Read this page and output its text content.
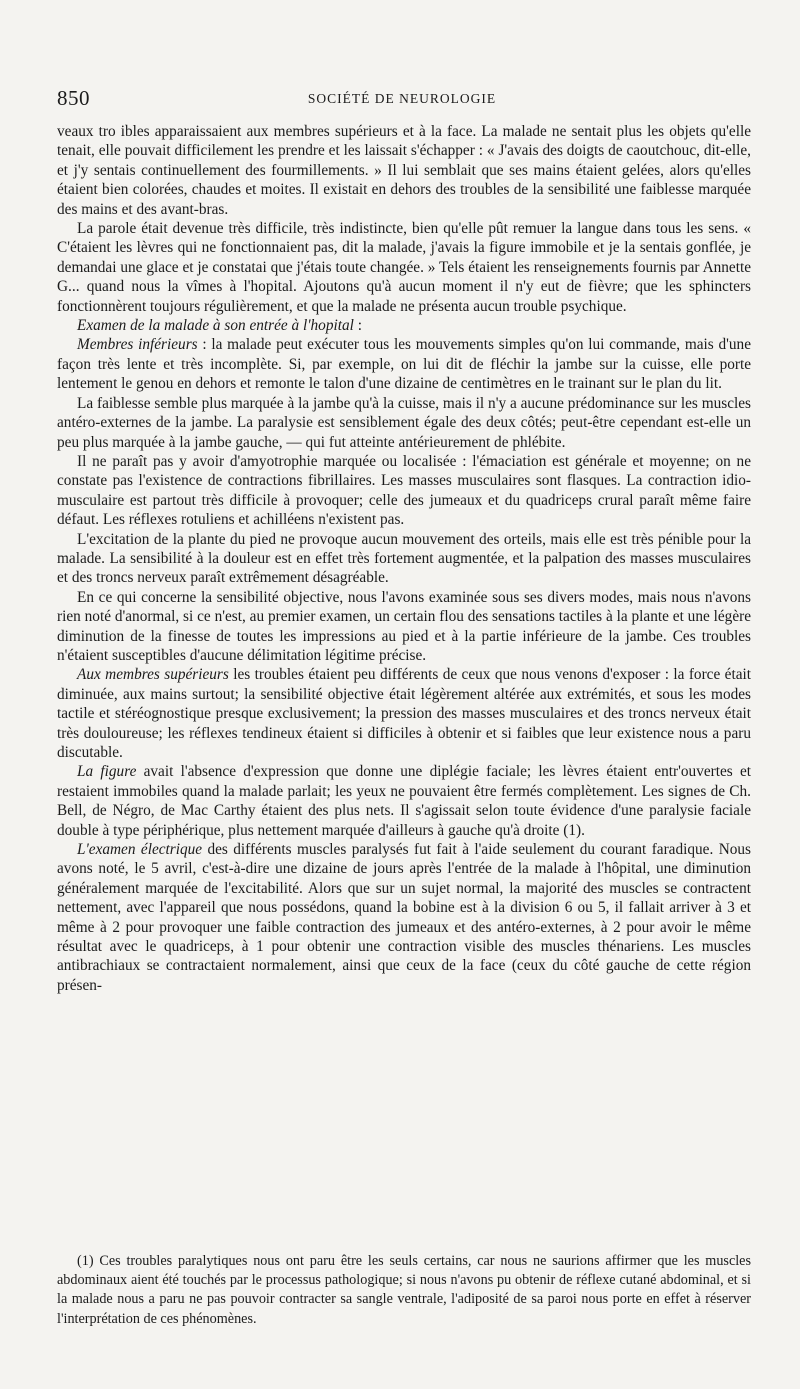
850	SOCIÉTÉ DE NEUROLOGIE

veaux tro ibles apparaissaient aux membres supérieurs et à la face. La malade ne sentait plus les objets qu'elle tenait, elle pouvait difficilement les prendre et les laissait s'échapper : « J'avais des doigts de caoutchouc, dit-elle, et j'y sentais continuellement des fourmillements. » Il lui semblait que ses mains étaient gelées, alors qu'elles étaient bien colorées, chaudes et moites. Il existait en dehors des troubles de la sensibilité une faiblesse marquée des mains et des avant-bras.

La parole était devenue très difficile, très indistincte, bien qu'elle pût remuer la langue dans tous les sens. « C'étaient les lèvres qui ne fonctionnaient pas, dit la malade, j'avais la figure immobile et je la sentais gonflée, je demandai une glace et je constatai que j'étais toute changée. » Tels étaient les renseignements fournis par Annette G... quand nous la vîmes à l'hopital. Ajoutons qu'à aucun moment il n'y eut de fièvre; que les sphincters fonctionnèrent toujours régulièrement, et que la malade ne présenta aucun trouble psychique.

Examen de la malade à son entrée à l'hopital :

Membres inférieurs : la malade peut exécuter tous les mouvements simples qu'on lui commande, mais d'une façon très lente et très incomplète. Si, par exemple, on lui dit de fléchir la jambe sur la cuisse, elle porte lentement le genou en dehors et remonte le talon d'une dizaine de centimètres en le trainant sur le plan du lit.

La faiblesse semble plus marquée à la jambe qu'à la cuisse, mais il n'y a aucune prédominance sur les muscles antéro-externes de la jambe. La paralysie est sensiblement égale des deux côtés; peut-être cependant est-elle un peu plus marquée à la jambe gauche, — qui fut atteinte antérieurement de phlébite.

Il ne paraît pas y avoir d'amyotrophie marquée ou localisée : l'émaciation est générale et moyenne; on ne constate pas l'existence de contractions fibrillaires. Les masses musculaires sont flasques. La contraction idio-musculaire est partout très difficile à provoquer; celle des jumeaux et du quadriceps crural paraît même faire défaut. Les réflexes rotuliens et achilléens n'existent pas.

L'excitation de la plante du pied ne provoque aucun mouvement des orteils, mais elle est très pénible pour la malade. La sensibilité à la douleur est en effet très fortement augmentée, et la palpation des masses musculaires et des troncs nerveux paraît extrêmement désagréable.

En ce qui concerne la sensibilité objective, nous l'avons examinée sous ses divers modes, mais nous n'avons rien noté d'anormal, si ce n'est, au premier examen, un certain flou des sensations tactiles à la plante et une légère diminution de la finesse de toutes les impressions au pied et à la partie inférieure de la jambe. Ces troubles n'étaient susceptibles d'aucune délimitation légitime précise.

Aux membres supérieurs les troubles étaient peu différents de ceux que nous venons d'exposer : la force était diminuée, aux mains surtout; la sensibilité objective était légèrement altérée aux extrémités, et sous les modes tactile et stéréognostique presque exclusivement; la pression des masses musculaires et des troncs nerveux était très douloureuse; les réflexes tendineux étaient si difficiles à obtenir et si faibles que leur existence nous a paru discutable.

La figure avait l'absence d'expression que donne une diplégie faciale; les lèvres étaient entr'ouvertes et restaient immobiles quand la malade parlait; les yeux ne pouvaient être fermés complètement. Les signes de Ch. Bell, de Négro, de Mac Carthy étaient des plus nets. Il s'agissait selon toute évidence d'une paralysie faciale double à type périphérique, plus nettement marquée d'ailleurs à gauche qu'à droite (1).

L'examen électrique des différents muscles paralysés fut fait à l'aide seulement du courant faradique. Nous avons noté, le 5 avril, c'est-à-dire une dizaine de jours après l'entrée de la malade à l'hôpital, une diminution généralement marquée de l'excitabilité. Alors que sur un sujet normal, la majorité des muscles se contractent nettement, avec l'appareil que nous possédons, quand la bobine est à la division 6 ou 5, il fallait arriver à 3 et même à 2 pour provoquer une faible contraction des jumeaux et des antéro-externes, à 2 pour avoir le même résultat avec le quadriceps, à 1 pour obtenir une contraction visible des muscles thénariens. Les muscles antibrachiaux se contractaient normalement, ainsi que ceux de la face (ceux du côté gauche de cette région présen-

(1) Ces troubles paralytiques nous ont paru être les seuls certains, car nous ne saurions affirmer que les muscles abdominaux aient été touchés par le processus pathologique; si nous n'avons pu obtenir de réflexe cutané abdominal, et si la malade nous a paru ne pas pouvoir contracter sa sangle ventrale, l'adiposité de sa paroi nous porte en effet à réserver l'interprétation de ces phénomènes.
